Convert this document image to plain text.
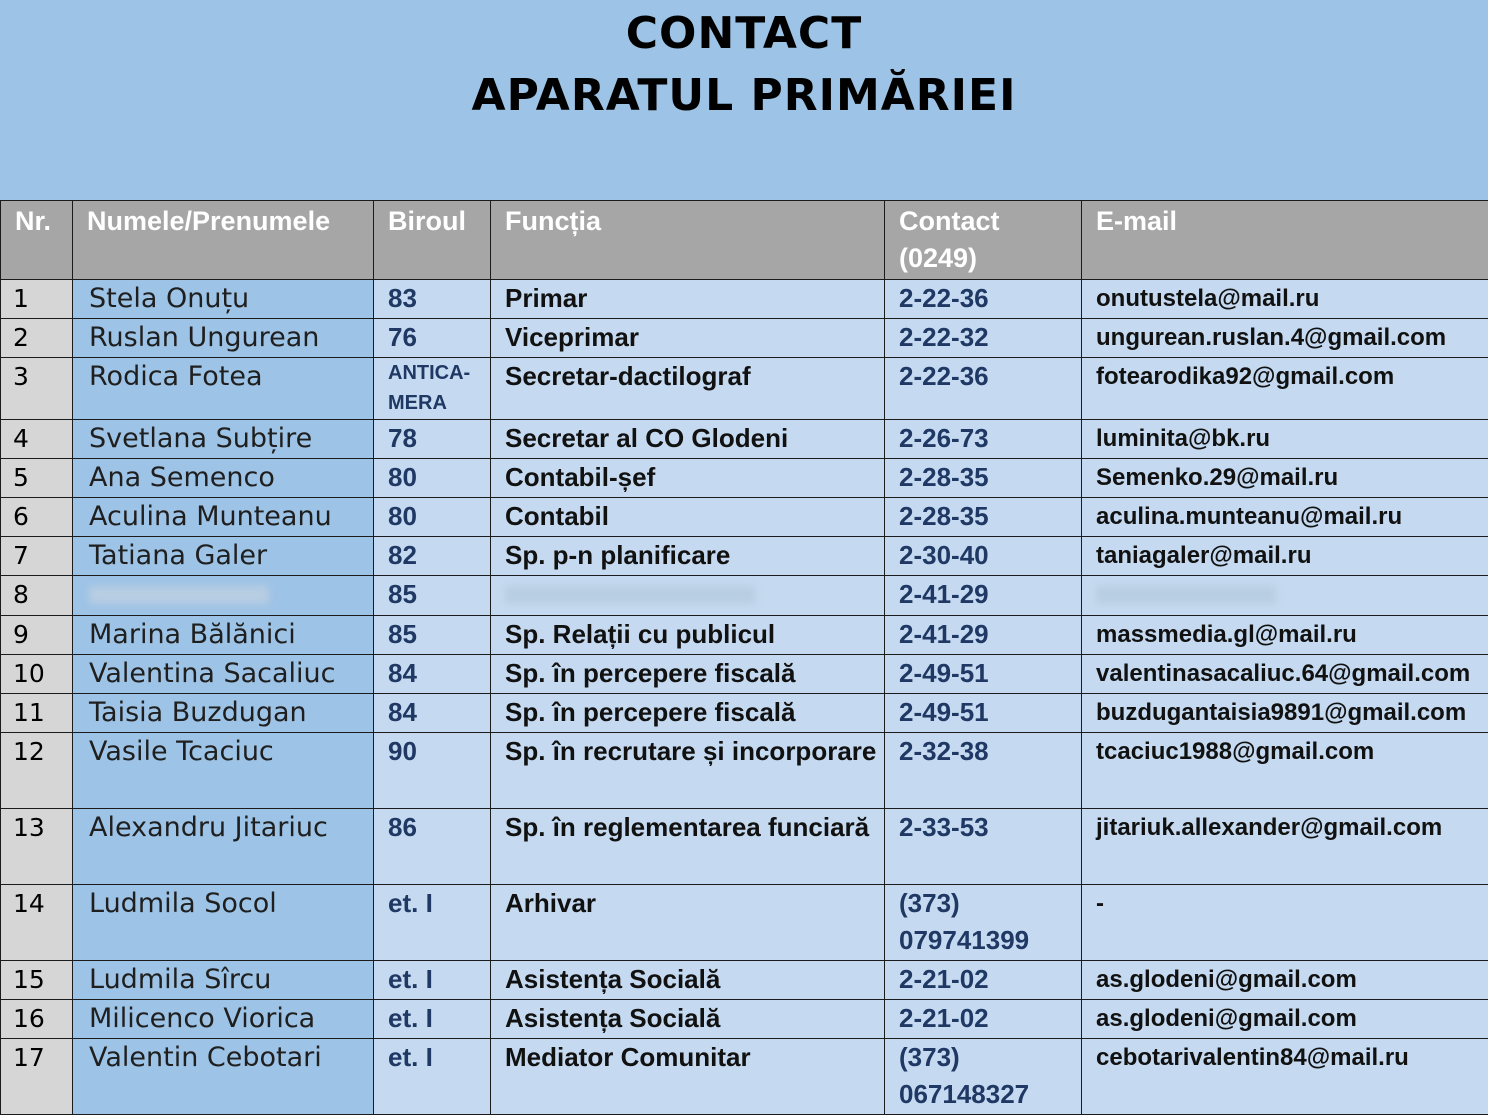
CONTACT
APARATUL PRIMĂRIEI
Nr.	Numele/Prenumele	Biroul	Funcția	Contact (0249)	E-mail
1	Stela Onuțu	83	Primar	2-22-36	onutustela@mail.ru
2	Ruslan Ungurean	76	Viceprimar	2-22-32	ungurean.ruslan.4@gmail.com
3	Rodica Fotea	ANTICA-MERA	Secretar-dactilograf	2-22-36	fotearodika92@gmail.com
4	Svetlana Subțire	78	Secretar al CO Glodeni	2-26-73	luminita@bk.ru
5	Ana Semenco	80	Contabil-șef	2-28-35	Semenko.29@mail.ru
6	Aculina Munteanu	80	Contabil	2-28-35	aculina.munteanu@mail.ru
7	Tatiana Galer	82	Sp. p-n planificare	2-30-40	taniagaler@mail.ru
8		85		2-41-29	
9	Marina Bălănici	85	Sp. Relații cu publicul	2-41-29	massmedia.gl@mail.ru
10	Valentina Sacaliuc	84	Sp. în percepere fiscală	2-49-51	valentinasacaliuc.64@gmail.com
11	Taisia Buzdugan	84	Sp. în percepere fiscală	2-49-51	buzdugantaisia9891@gmail.com
12	Vasile Tcaciuc	90	Sp. în recrutare și incorporare	2-32-38	tcaciuc1988@gmail.com
13	Alexandru Jitariuc	86	Sp. în reglementarea funciară	2-33-53	jitariuk.allexander@gmail.com
14	Ludmila Socol	et. I	Arhivar	(373) 079741399	-
15	Ludmila Sîrcu	et. I	Asistența Socială	2-21-02	as.glodeni@gmail.com
16	Milicenco Viorica	et. I	Asistența Socială	2-21-02	as.glodeni@gmail.com
17	Valentin Cebotari	et. I	Mediator Comunitar	(373) 067148327	cebotarivalentin84@mail.ru
